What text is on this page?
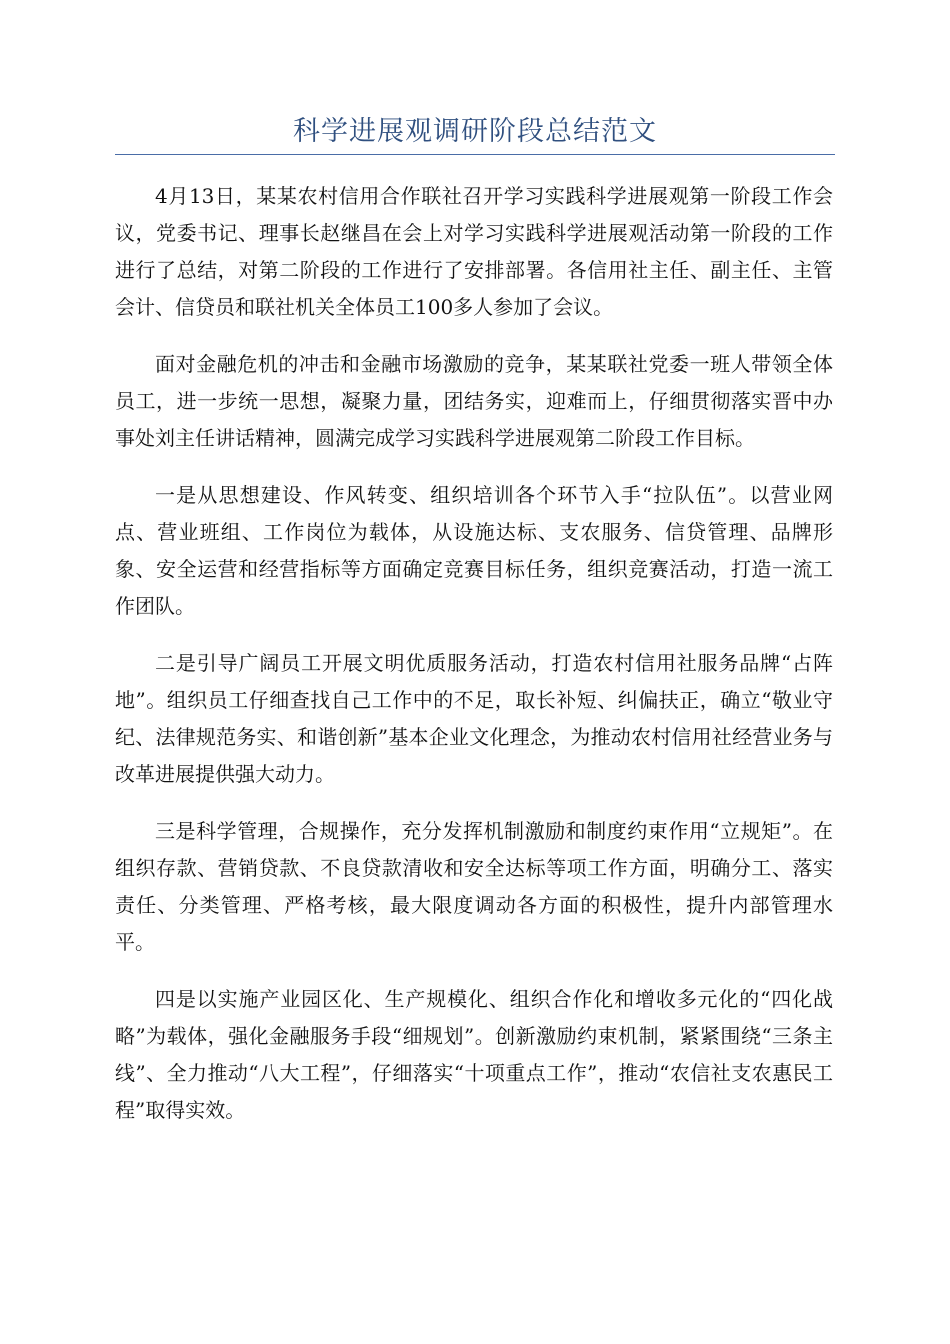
科学进展观调研阶段总结范文

4月13日，某某农村信用合作联社召开学习实践科学进展观第一阶段工作会议，党委书记、理事长赵继昌在会上对学习实践科学进展观活动第一阶段的工作进行了总结，对第二阶段的工作进行了安排部署。各信用社主任、副主任、主管会计、信贷员和联社机关全体员工100多人参加了会议。

面对金融危机的冲击和金融市场激励的竞争，某某联社党委一班人带领全体员工，进一步统一思想，凝聚力量，团结务实，迎难而上，仔细贯彻落实晋中办事处刘主任讲话精神，圆满完成学习实践科学进展观第二阶段工作目标。

一是从思想建设、作风转变、组织培训各个环节入手“拉队伍”。以营业网点、营业班组、工作岗位为载体，从设施达标、支农服务、信贷管理、品牌形象、安全运营和经营指标等方面确定竞赛目标任务，组织竞赛活动，打造一流工作团队。

二是引导广阔员工开展文明优质服务活动，打造农村信用社服务品牌“占阵地”。组织员工仔细查找自己工作中的不足，取长补短、纠偏扶正，确立“敬业守纪、法律规范务实、和谐创新”基本企业文化理念，为推动农村信用社经营业务与改革进展提供强大动力。

三是科学管理，合规操作，充分发挥机制激励和制度约束作用“立规矩”。在组织存款、营销贷款、不良贷款清收和安全达标等项工作方面，明确分工、落实责任、分类管理、严格考核，最大限度调动各方面的积极性，提升内部管理水平。

四是以实施产业园区化、生产规模化、组织合作化和增收多元化的“四化战略”为载体，强化金融服务手段“细规划”。创新激励约束机制，紧紧围绕“三条主线”、全力推动“八大工程”，仔细落实“十项重点工作”，推动“农信社支农惠民工程”取得实效。
